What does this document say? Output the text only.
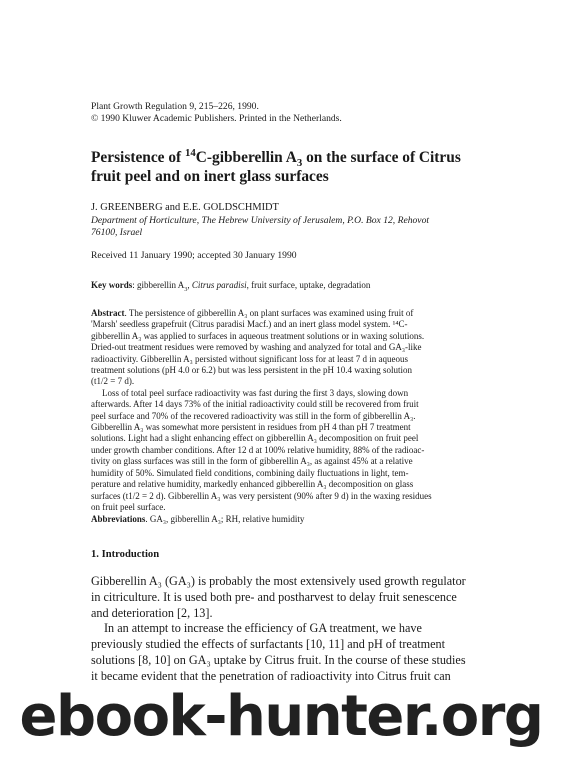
Plant Growth Regulation 9, 215–226, 1990.
© 1990 Kluwer Academic Publishers. Printed in the Netherlands.
Persistence of $^{14}$C-gibberellin $A_3$ on the surface of Citrus
fruit peel and on inert glass surfaces
J. GREENBERG and E.E. GOLDSCHMIDT
Department of Horticulture, The Hebrew University of Jerusalem, P.O. Box 12, Rehovot
76100, Israel
Received 11 January 1990; accepted 30 January 1990
Key words: gibberellin $A_3$, Citrus paradisi, fruit surface, uptake, degradation

Abstract. The persistence of gibberellin A₃ on plant surfaces was examined using fruit of
'Marsh' seedless grapefruit (Citrus paradisi Macf.) and an inert glass model system. ¹⁴C-
gibberellin A₃ was applied to surfaces in aqueous treatment solutions or in waxing solutions.
Dried-out treatment residues were removed by washing and analyzed for total and GA₃-like
radioactivity. Gibberellin A₃ persisted without significant loss for at least 7 d in aqueous
treatment solutions (pH 4.0 or 6.2) but was less persistent in the pH 10.4 waxing solution
(t1/2 = 7 d).

Loss of total peel surface radioactivity was fast during the first 3 days, slowing down
afterwards. After 14 days 73% of the initial radioactivity could still be recovered from fruit
peel surface and 70% of the recovered radioactivity was still in the form of gibberellin A₃.
Gibberellin A₃ was somewhat more persistent in residues from pH 4 than pH 7 treatment
solutions. Light had a slight enhancing effect on gibberellin A₃ decomposition on fruit peel
under growth chamber conditions. After 12 d at 100% relative humidity, 88% of the radioac-
tivity on glass surfaces was still in the form of gibberellin A₃, as against 45% at a relative
humidity of 50%. Simulated field conditions, combining daily fluctuations in light, tem-
perature and relative humidity, markedly enhanced gibberellin A₃ decomposition on glass
surfaces (t1/2 = 2 d). Gibberellin A₃ was very persistent (90% after 9 d) in the waxing residues
on fruit peel surface.

Abbreviations. GA₃, gibberellin A₃; RH, relative humidity
1. Introduction

Gibberellin A₃ (GA₃) is probably the most extensively used growth regulator
in citriculture. It is used both pre- and postharvest to delay fruit senescence
and deterioration [2, 13].

In an attempt to increase the efficiency of GA treatment, we have
previously studied the effects of surfactants [10, 11] and pH of treatment
solutions [8, 10] on GA₃ uptake by Citrus fruit. In the course of these studies
it became evident that the penetration of radioactivity into Citrus fruit can

ebook-hunter.org
